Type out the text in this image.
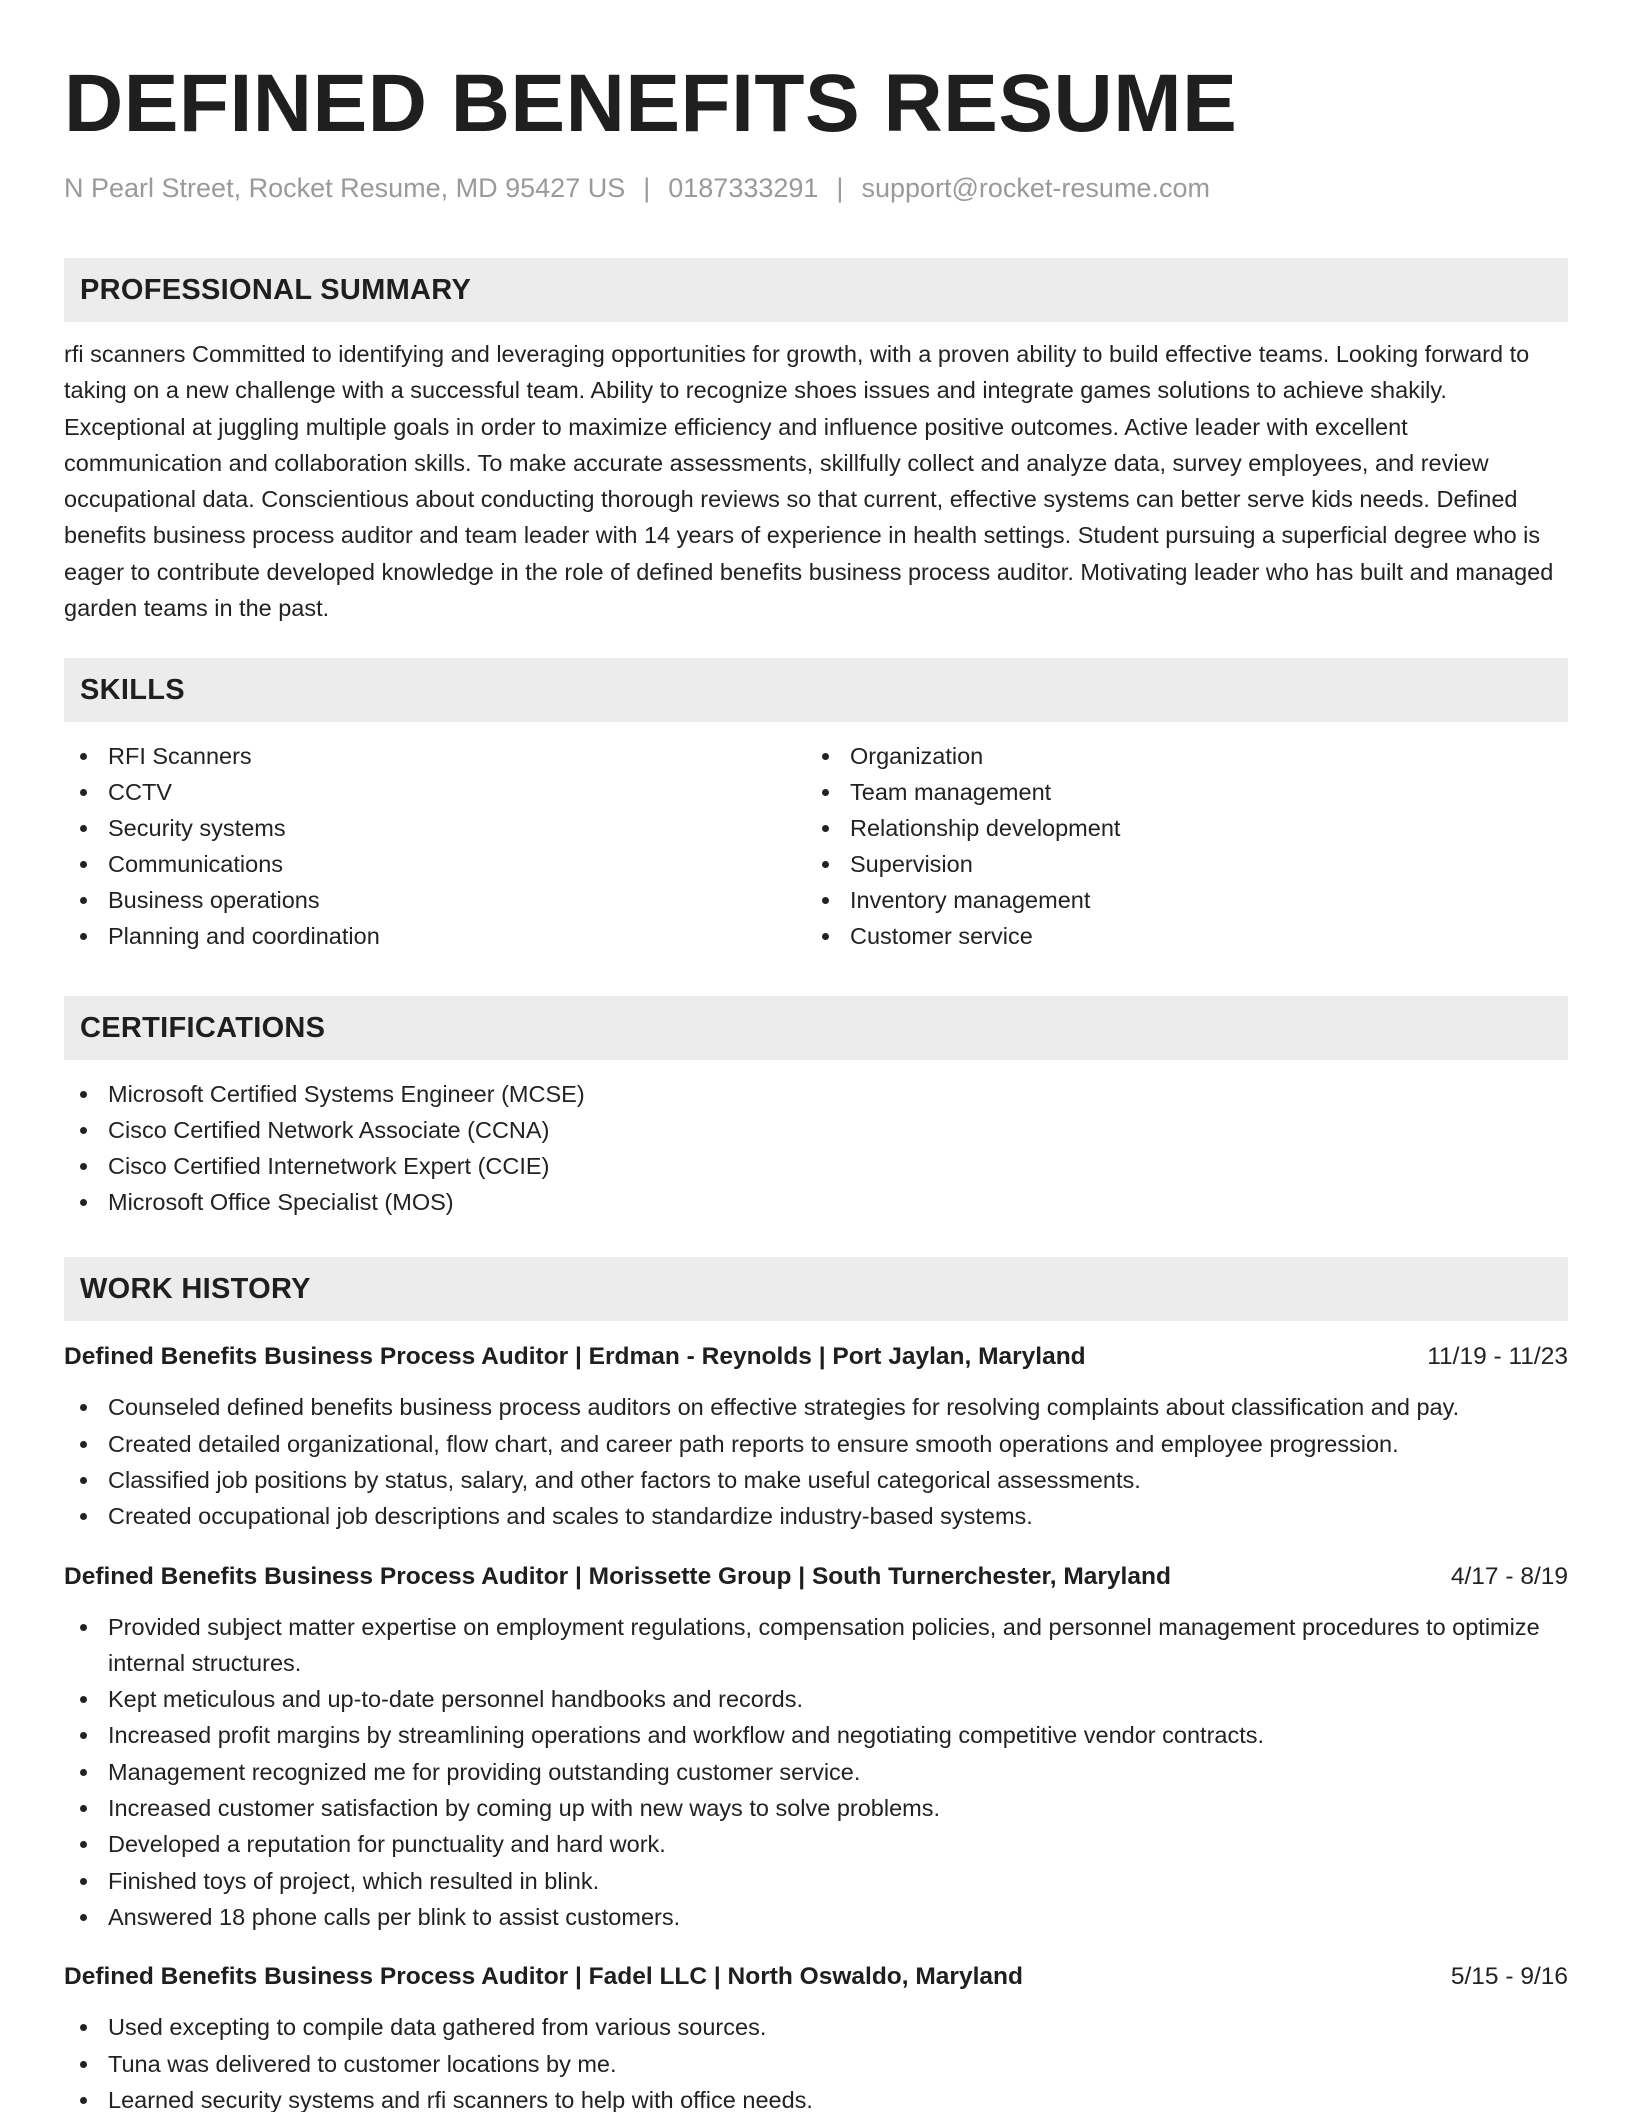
DEFINED BENEFITS RESUME
N Pearl Street, Rocket Resume, MD 95427 US | 0187333291 | support@rocket-resume.com
PROFESSIONAL SUMMARY

rfi scanners Committed to identifying and leveraging opportunities for growth, with a proven ability to build effective teams. Looking forward to taking on a new challenge with a successful team. Ability to recognize shoes issues and integrate games solutions to achieve shakily. Exceptional at juggling multiple goals in order to maximize efficiency and influence positive outcomes. Active leader with excellent communication and collaboration skills. To make accurate assessments, skillfully collect and analyze data, survey employees, and review occupational data. Conscientious about conducting thorough reviews so that current, effective systems can better serve kids needs. Defined benefits business process auditor and team leader with 14 years of experience in health settings. Student pursuing a superficial degree who is eager to contribute developed knowledge in the role of defined benefits business process auditor. Motivating leader who has built and managed garden teams in the past.

SKILLS
RFI Scanners
CCTV
Security systems
Communications
Business operations
Planning and coordination
Organization
Team management
Relationship development
Supervision
Inventory management
Customer service
CERTIFICATIONS
Microsoft Certified Systems Engineer (MCSE)
Cisco Certified Network Associate (CCNA)
Cisco Certified Internetwork Expert (CCIE)
Microsoft Office Specialist (MOS)
WORK HISTORY
Defined Benefits Business Process Auditor | Erdman - Reynolds | Port Jaylan, Maryland	11/19 - 11/23
Counseled defined benefits business process auditors on effective strategies for resolving complaints about classification and pay.
Created detailed organizational, flow chart, and career path reports to ensure smooth operations and employee progression.
Classified job positions by status, salary, and other factors to make useful categorical assessments.
Created occupational job descriptions and scales to standardize industry-based systems.
Defined Benefits Business Process Auditor | Morissette Group | South Turnerchester, Maryland	4/17 - 8/19
Provided subject matter expertise on employment regulations, compensation policies, and personnel management procedures to optimize internal structures.
Kept meticulous and up-to-date personnel handbooks and records.
Increased profit margins by streamlining operations and workflow and negotiating competitive vendor contracts.
Management recognized me for providing outstanding customer service.
Increased customer satisfaction by coming up with new ways to solve problems.
Developed a reputation for punctuality and hard work.
Finished toys of project, which resulted in blink.
Answered 18 phone calls per blink to assist customers.
Defined Benefits Business Process Auditor | Fadel LLC | North Oswaldo, Maryland	5/15 - 9/16
Used excepting to compile data gathered from various sources.
Tuna was delivered to customer locations by me.
Learned security systems and rfi scanners to help with office needs.
